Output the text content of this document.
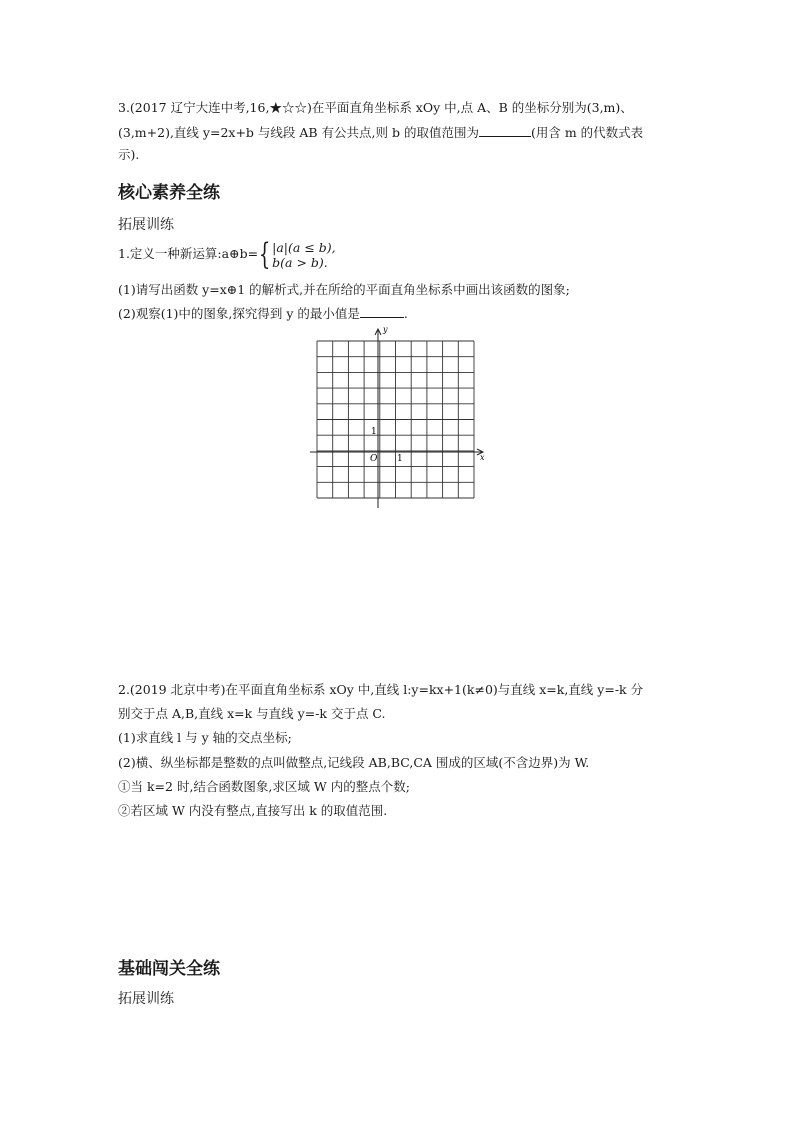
3.(2017 辽宁大连中考,16,★☆☆)在平面直角坐标系 xOy 中,点 A、B 的坐标分别为(3,m)、
(3,m+2),直线 y=2x+b 与线段 AB 有公共点,则 b 的取值范围为	(用含 m 的代数式表
示).
核心素养全练
拓展训练
1.定义一种新运算:a⊕b= { |a|(a ≤ b),
b(a > b).
(1)请写出函数 y=x⊕1 的解析式,并在所给的平面直角坐标系中画出该函数的图象;
(2)观察(1)中的图象,探究得到 y 的最小值是	.
y
x
O 1
1
2.(2019 北京中考)在平面直角坐标系 xOy 中,直线 l:y=kx+1(k≠0)与直线 x=k,直线 y=-k 分
别交于点 A,B,直线 x=k 与直线 y=-k 交于点 C.
(1)求直线 l 与 y 轴的交点坐标;
(2)横、纵坐标都是整数的点叫做整点,记线段 AB,BC,CA 围成的区域(不含边界)为 W.
①当 k=2 时,结合函数图象,求区域 W 内的整点个数;
②若区域 W 内没有整点,直接写出 k 的取值范围.
基础闯关全练
拓展训练
